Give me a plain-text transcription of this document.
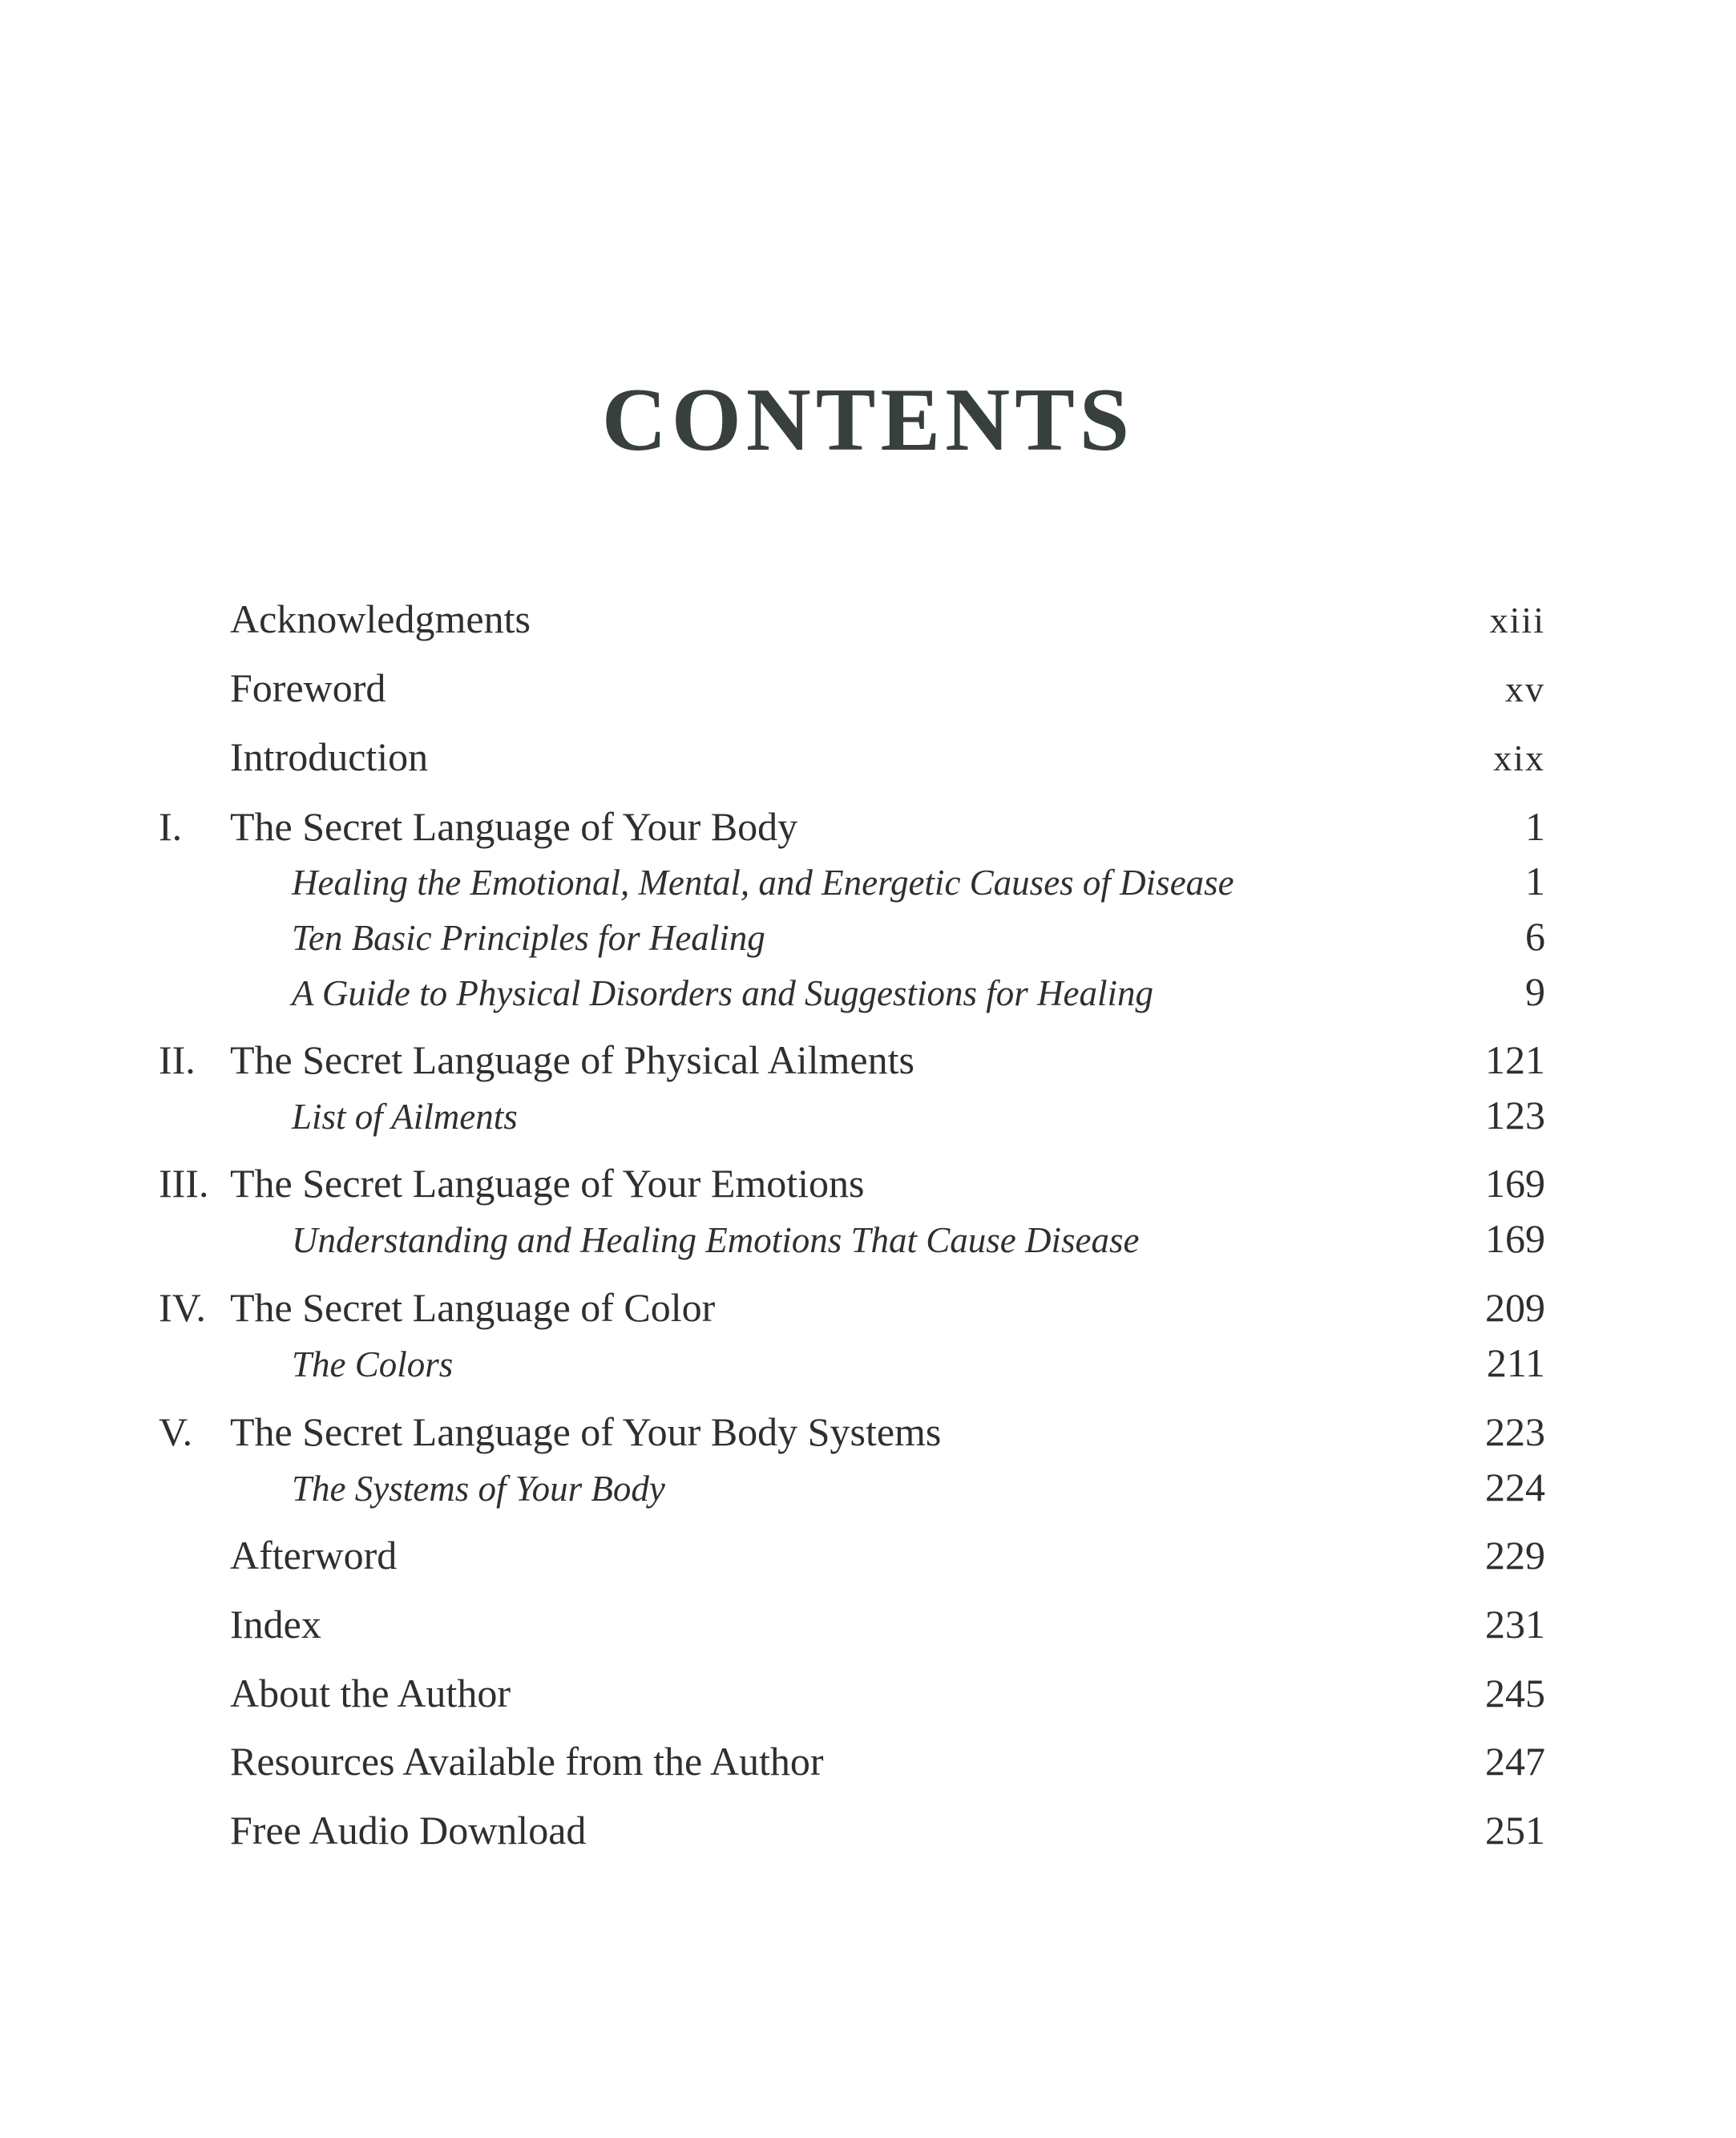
CONTENTS
Acknowledgments	xiii
Foreword	xv
Introduction	xix
I. The Secret Language of Your Body	1
Healing the Emotional, Mental, and Energetic Causes of Disease	1
Ten Basic Principles for Healing	6
A Guide to Physical Disorders and Suggestions for Healing	9
II. The Secret Language of Physical Ailments	121
List of Ailments	123
III. The Secret Language of Your Emotions	169
Understanding and Healing Emotions That Cause Disease	169
IV. The Secret Language of Color	209
The Colors	211
V. The Secret Language of Your Body Systems	223
The Systems of Your Body	224
Afterword	229
Index	231
About the Author	245
Resources Available from the Author	247
Free Audio Download	251
